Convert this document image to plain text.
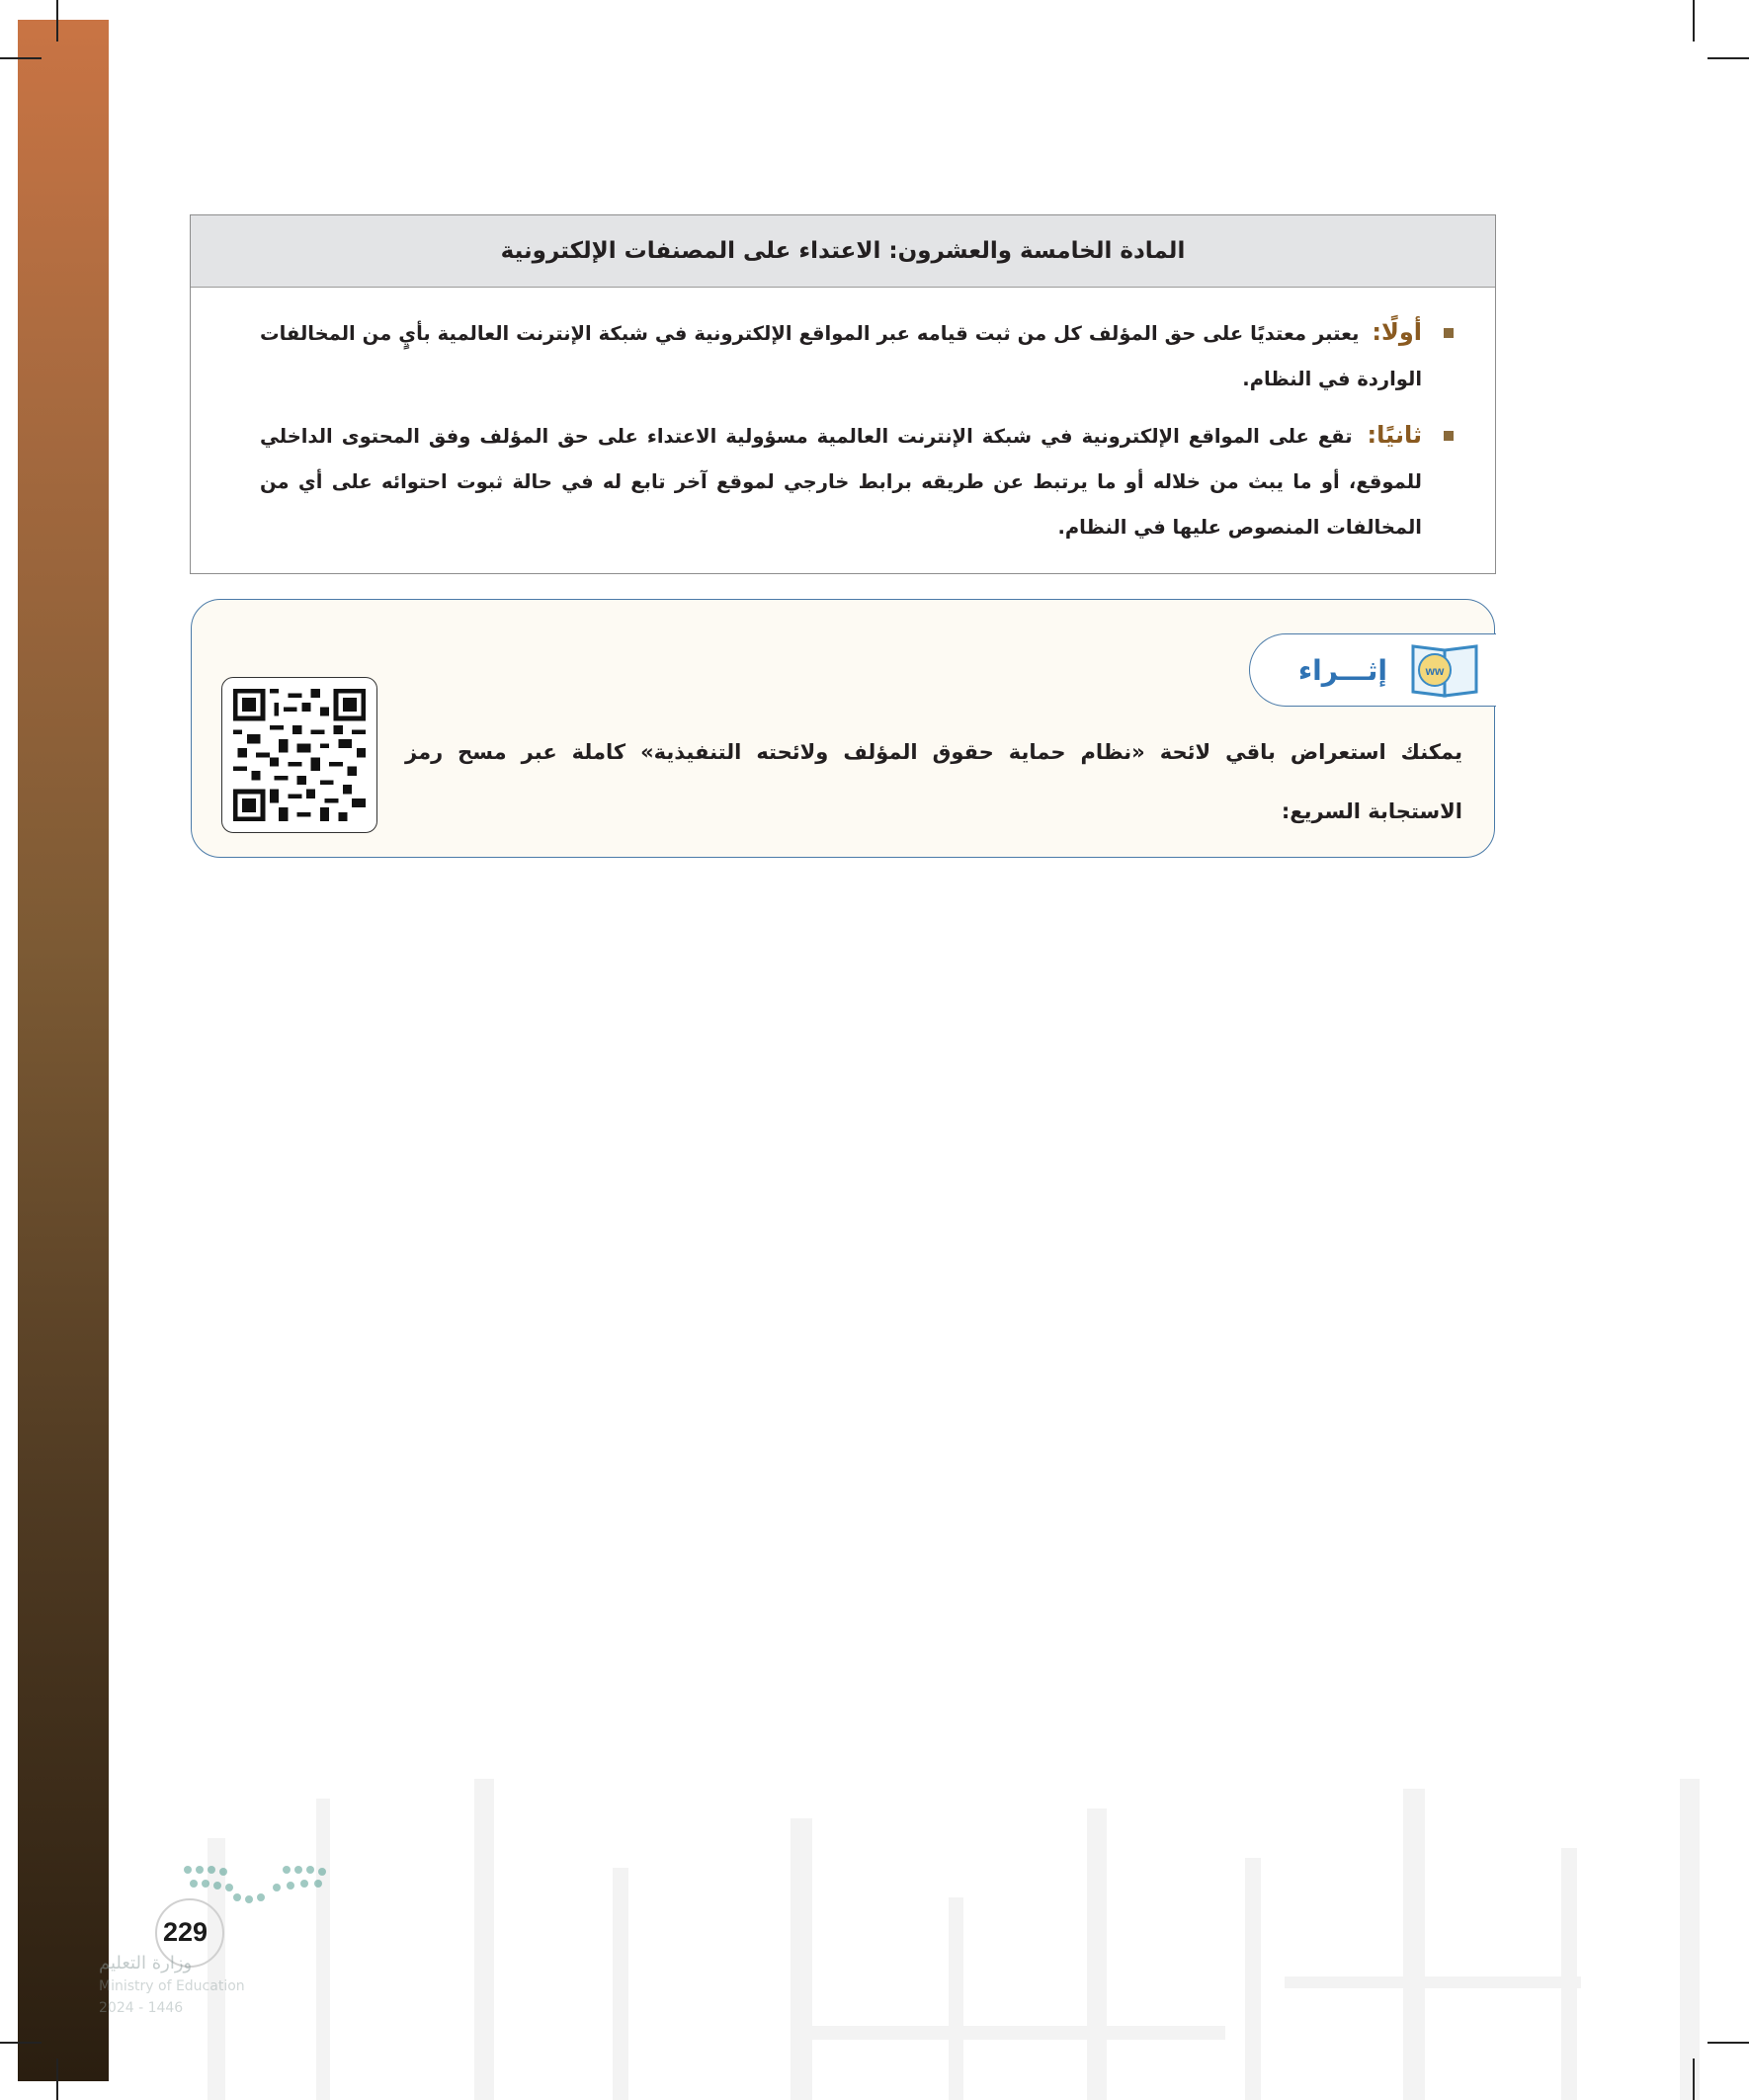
المادة الخامسة والعشرون: الاعتداء على المصنفات الإلكترونية
أولًا: يعتبر معتديًا على حق المؤلف كل من ثبت قيامه عبر المواقع الإلكترونية في شبكة الإنترنت العالمية بأيٍ من المخالفات الواردة في النظام.
ثانيًا: تقع على المواقع الإلكترونية في شبكة الإنترنت العالمية مسؤولية الاعتداء على حق المؤلف وفق المحتوى الداخلي للموقع، أو ما يبث من خلاله أو ما يرتبط عن طريقه برابط خارجي لموقع آخر تابع له في حالة ثبوت احتوائه على أي من المخالفات المنصوص عليها في النظام.
ww
إثـــراء
يمكنك استعراض باقي لائحة «نظام حماية حقوق المؤلف ولائحته التنفيذية» كاملة عبر مسح رمز الاستجابة السريع:
وزارة التعليم
Ministry of Education
2024 - 1446
229
